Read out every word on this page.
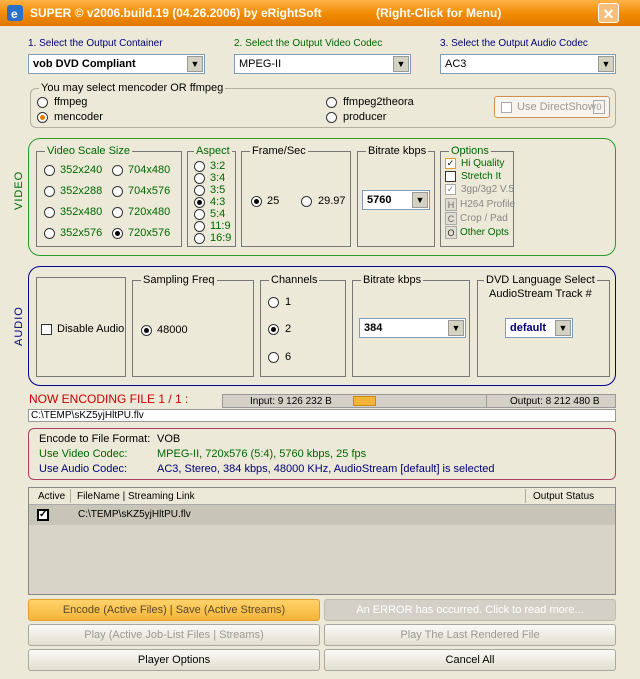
e SUPER © v2006.build.19 (04.26.2006) by eRightSoft	(Right-Click for Menu)	✕
1. Select the Output Container	2. Select the Output Video Codec	3. Select the Output Audio Codec
vob DVD Compliant	▼	MPEG-II	▼	AC3	▼
You may select mencoder OR ffmpeg
ffmpeg
mencoder
ffmpeg2theora
producer
Use DirectShow 0
VIDEO
Video Scale Size
352x240 704x480
352x288 704x576
352x480 720x480
352x576 720x576
Aspect
3:2
3:4
3:5
4:3
5:4
11:9
16:9
Frame/Sec
25	29.97
Bitrate kbps
5760	▼
Options
✓ Hi Quality
Stretch It
✓ 3gp/3g2 V.5
H H264 Profile
C Crop / Pad
O Other Opts
AUDIO	Disable Audio
Sampling Freq
48000
Channels
1
2
6
Bitrate kbps
384	▼
DVD Language Select
AudioStream Track #
default	▼
NOW ENCODING FILE 1 / 1 :	Input: 9 126 232 B	Output: 8 212 480 B
C:\TEMP\sKZ5yjHltPU.flv
Encode to File Format: VOB
Use Video Codec:	MPEG-II, 720x576 (5:4), 5760 kbps, 25 fps
Use Audio Codec:	AC3, Stereo, 384 kbps, 48000 KHz, AudioStream [default] is selected
Active FileName | Streaming Link	Output Status
✓	C:\TEMP\sKZ5yjHltPU.flv
Encode (Active Files) | Save (Active Streams)	An ERROR has occurred. Click to read more...
Play (Active Job-List Files | Streams)	Play The Last Rendered File
Player Options	Cancel All
